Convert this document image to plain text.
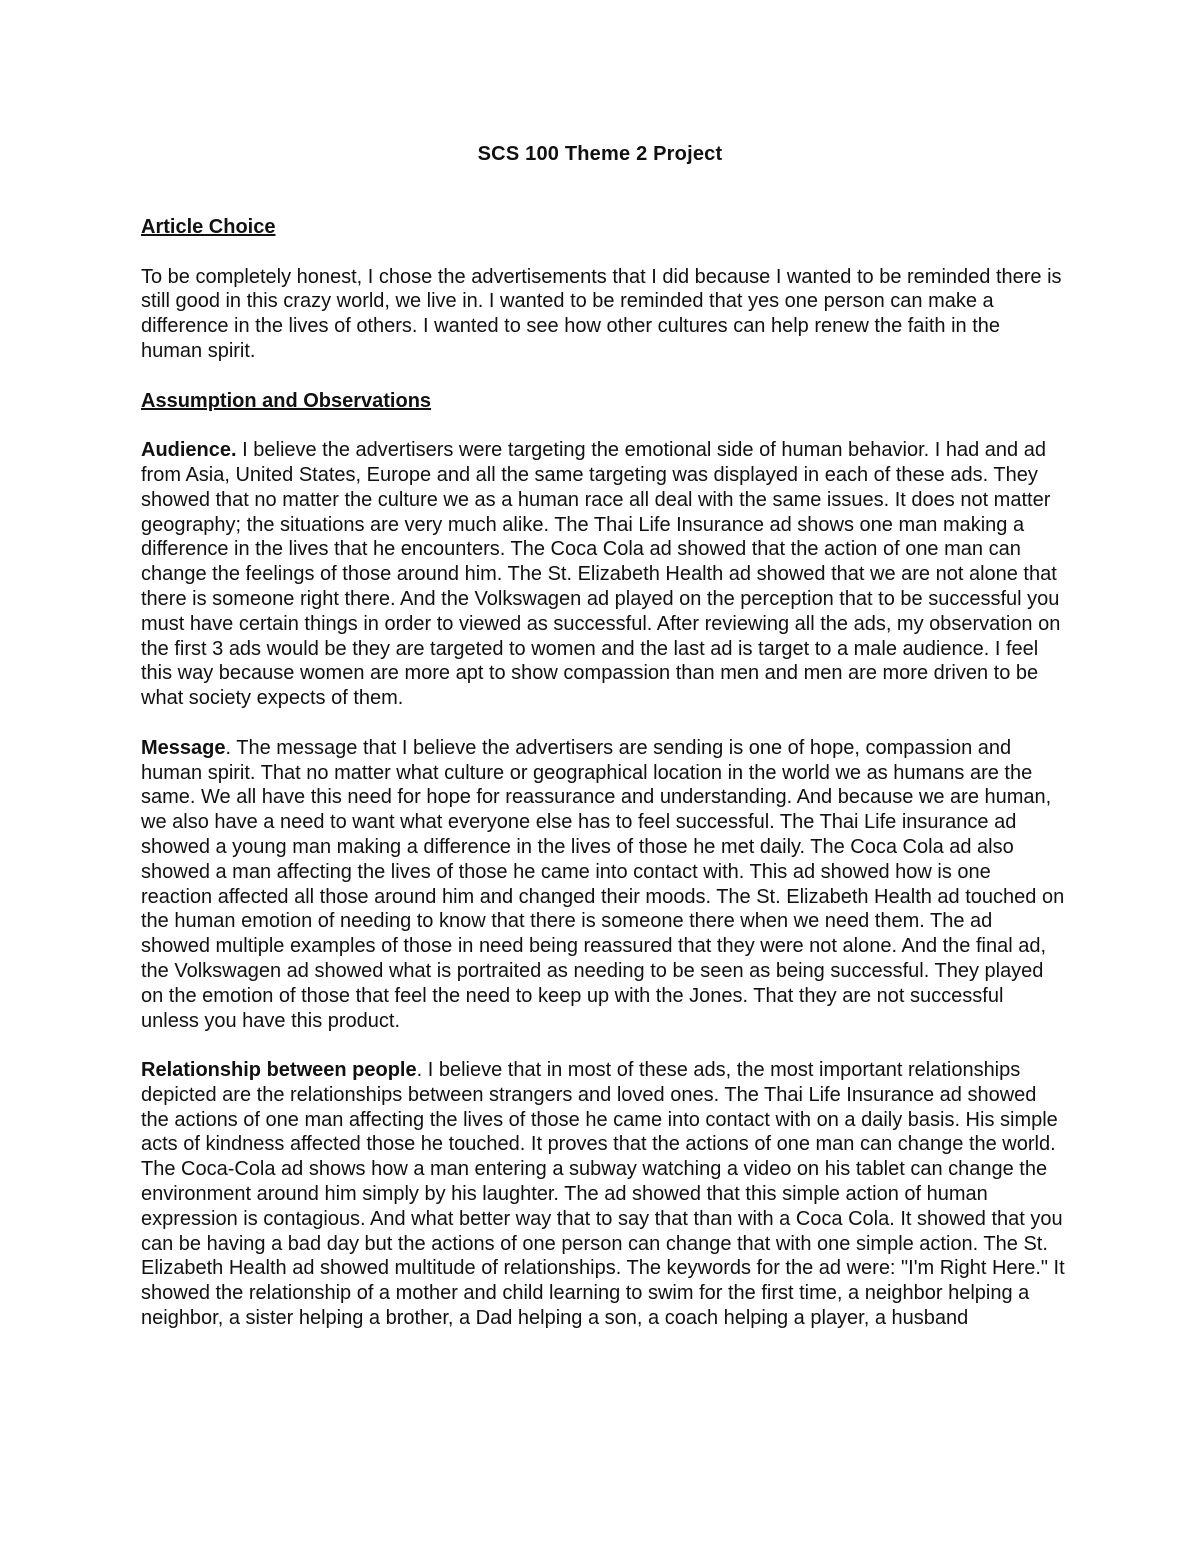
SCS 100 Theme 2 Project
Article Choice

To be completely honest, I chose the advertisements that I did because I wanted to be reminded there is still good in this crazy world, we live in. I wanted to be reminded that yes one person can make a difference in the lives of others. I wanted to see how other cultures can help renew the faith in the human spirit.

Assumption and Observations

Audience. I believe the advertisers were targeting the emotional side of human behavior. I had and ad from Asia, United States, Europe and all the same targeting was displayed in each of these ads. They showed that no matter the culture we as a human race all deal with the same issues. It does not matter geography; the situations are very much alike. The Thai Life Insurance ad shows one man making a difference in the lives that he encounters. The Coca Cola ad showed that the action of one man can change the feelings of those around him. The St. Elizabeth Health ad showed that we are not alone that there is someone right there. And the Volkswagen ad played on the perception that to be successful you must have certain things in order to viewed as successful. After reviewing all the ads, my observation on the first 3 ads would be they are targeted to women and the last ad is target to a male audience. I feel this way because women are more apt to show compassion than men and men are more driven to be what society expects of them.

Message. The message that I believe the advertisers are sending is one of hope, compassion and human spirit. That no matter what culture or geographical location in the world we as humans are the same. We all have this need for hope for reassurance and understanding. And because we are human, we also have a need to want what everyone else has to feel successful. The Thai Life insurance ad showed a young man making a difference in the lives of those he met daily. The Coca Cola ad also showed a man affecting the lives of those he came into contact with. This ad showed how is one reaction affected all those around him and changed their moods. The St. Elizabeth Health ad touched on the human emotion of needing to know that there is someone there when we need them. The ad showed multiple examples of those in need being reassured that they were not alone. And the final ad, the Volkswagen ad showed what is portraited as needing to be seen as being successful. They played on the emotion of those that feel the need to keep up with the Jones. That they are not successful unless you have this product.

Relationship between people. I believe that in most of these ads, the most important relationships depicted are the relationships between strangers and loved ones. The Thai Life Insurance ad showed the actions of one man affecting the lives of those he came into contact with on a daily basis. His simple acts of kindness affected those he touched. It proves that the actions of one man can change the world. The Coca-Cola ad shows how a man entering a subway watching a video on his tablet can change the environment around him simply by his laughter. The ad showed that this simple action of human expression is contagious. And what better way that to say that than with a Coca Cola. It showed that you can be having a bad day but the actions of one person can change that with one simple action. The St. Elizabeth Health ad showed multitude of relationships. The keywords for the ad were: "I'm Right Here." It showed the relationship of a mother and child learning to swim for the first time, a neighbor helping a neighbor, a sister helping a brother, a Dad helping a son, a coach helping a player, a husband
